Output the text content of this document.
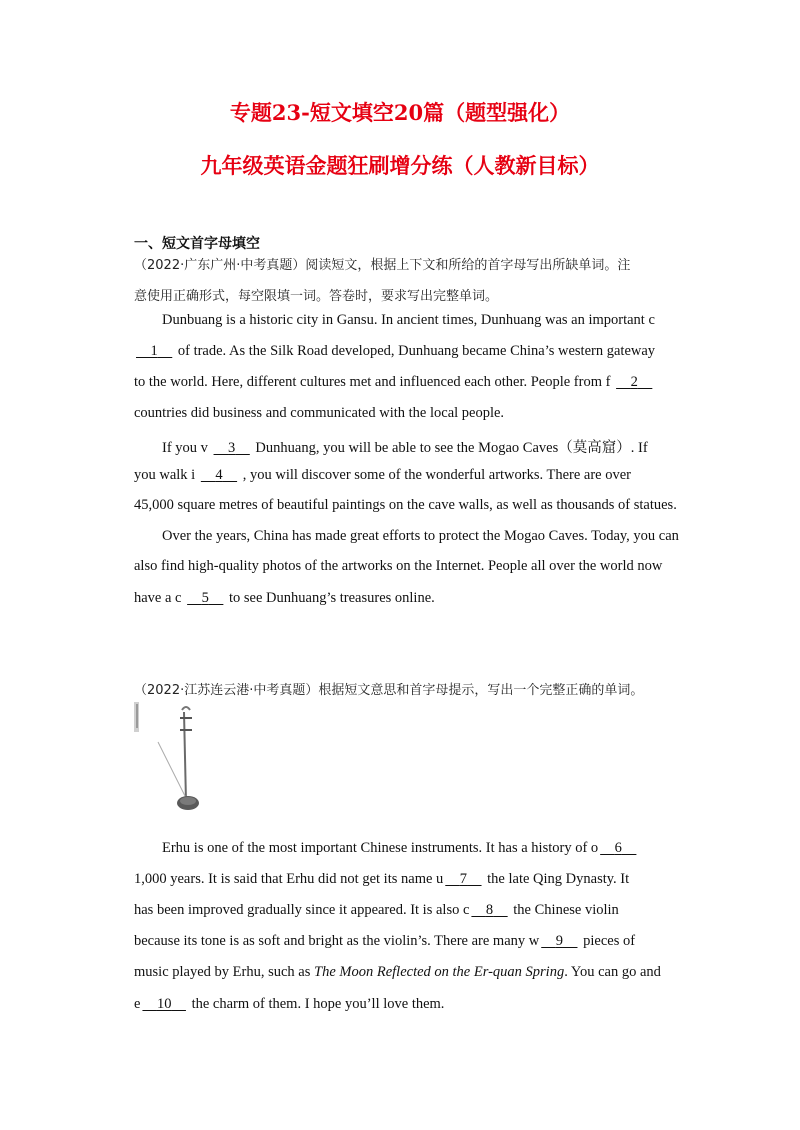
专题23-短文填空20篇（题型强化）
九年级英语金题狂刷增分练（人教新目标）
一、短文首字母填空
（2022·广东广州·中考真题）阅读短文，根据上下文和所给的首字母写出所缺单词。注
意使用正确形式，每空限填一词。答卷时，要求写出完整单词。
Dunbuang is a historic city in Gansu. In ancient times, Dunhuang was an important c
1 of trade. As the Silk Road developed, Dunhuang became China’s western gateway
to the world. Here, different cultures met and influenced each other. People from f 2
countries did business and communicated with the local people.
If you v 3 Dunhuang, you will be able to see the Mogao Caves（莫高窟）. If
you walk i 4 , you will discover some of the wonderful artworks. There are over
45,000 square metres of beautiful paintings on the cave walls, as well as thousands of statues.
Over the years, China has made great efforts to protect the Mogao Caves. Today, you can
also find high-quality photos of the artworks on the Internet. People all over the world now
have a c 5 to see Dunhuang’s treasures online.
（2022·江苏连云港·中考真题）根据短文意思和首字母提示，写出一个完整正确的单词。
Erhu is one of the most important Chinese instruments. It has a history of o 6
1,000 years. It is said that Erhu did not get its name u 7 the late Qing Dynasty. It
has been improved gradually since it appeared. It is also c 8 the Chinese violin
because its tone is as soft and bright as the violin’s. There are many w 9 pieces of
music played by Erhu, such as The Moon Reflected on the Er-quan Spring. You can go and
e 10 the charm of them. I hope you’ll love them.
